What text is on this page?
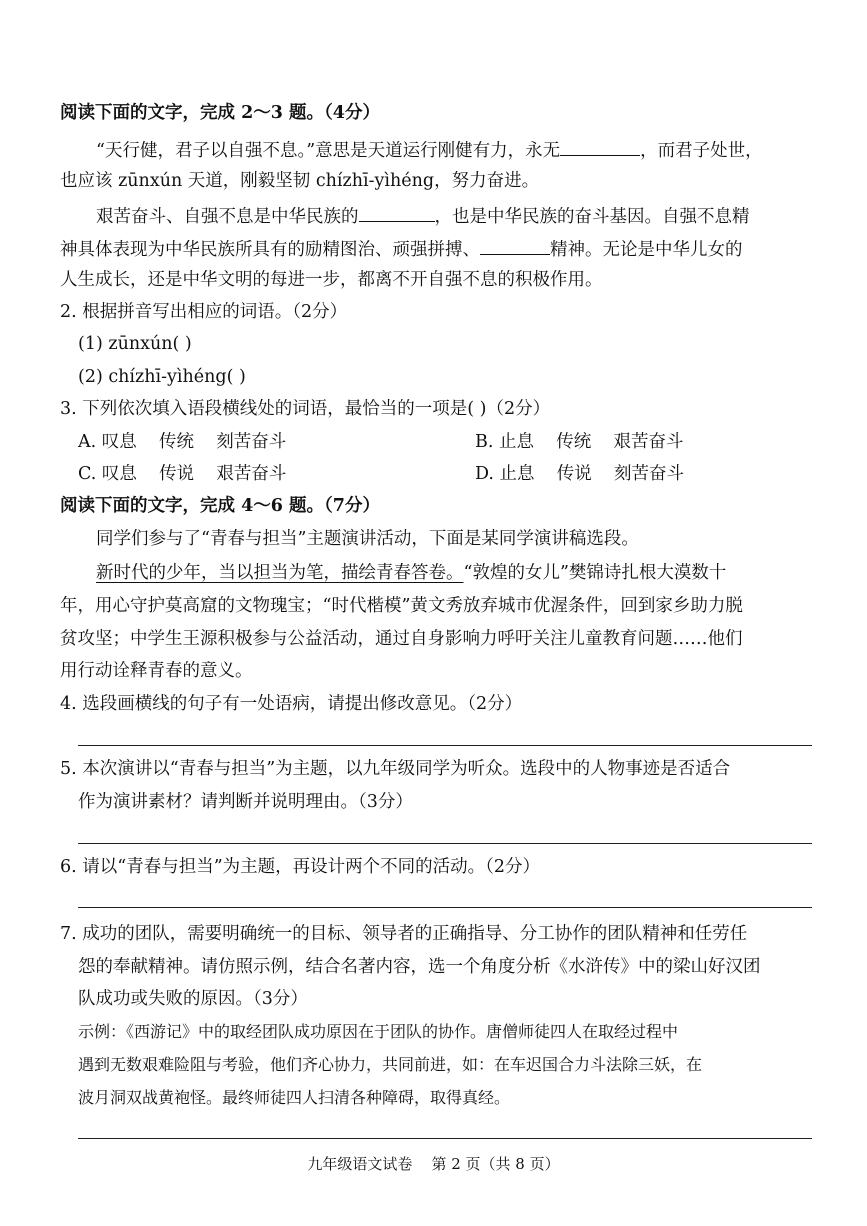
阅读下面的文字，完成 2～3 题。（4分）
“天行健，君子以自强不息。”意思是天道运行刚健有力，永无	，而君子处世，
也应该 zūnxún 天道，刚毅坚韧 chízhī-yìhéng，努力奋进。
艰苦奋斗、自强不息是中华民族的	，也是中华民族的奋斗基因。自强不息精
神具体表现为中华民族所具有的励精图治、顽强拼搏、	精神。无论是中华儿女的
人生成长，还是中华文明的每进一步，都离不开自强不息的积极作用。
2. 根据拼音写出相应的词语。（2分）
(1) zūnxún( )
(2) chízhī-yìhéng( )
3. 下列依次填入语段横线处的词语，最恰当的一项是( )（2分）
A. 叹息    传统    刻苦奋斗	B. 止息    传统    艰苦奋斗
C. 叹息    传说    艰苦奋斗	D. 止息    传说    刻苦奋斗
阅读下面的文字，完成 4～6 题。（7分）
同学们参与了“青春与担当”主题演讲活动，下面是某同学演讲稿选段。
新时代的少年，当以担当为笔，描绘青春答卷。“敦煌的女儿”樊锦诗扎根大漠数十
年，用心守护莫高窟的文物瑰宝；“时代楷模”黄文秀放弃城市优渥条件，回到家乡助力脱
贫攻坚；中学生王源积极参与公益活动，通过自身影响力呼吁关注儿童教育问题……他们
用行动诠释青春的意义。
4. 选段画横线的句子有一处语病，请提出修改意见。（2分）
5. 本次演讲以“青春与担当”为主题，以九年级同学为听众。选段中的人物事迹是否适合
作为演讲素材？请判断并说明理由。（3分）
6. 请以“青春与担当”为主题，再设计两个不同的活动。（2分）
7. 成功的团队，需要明确统一的目标、领导者的正确指导、分工协作的团队精神和任劳任
怨的奉献精神。请仿照示例，结合名著内容，选一个角度分析《水浒传》中的梁山好汉团
队成功或失败的原因。（3分）
示例：《西游记》中的取经团队成功原因在于团队的协作。唐僧师徒四人在取经过程中
遇到无数艰难险阻与考验，他们齐心协力，共同前进，如：在车迟国合力斗法除三妖，在
波月洞双战黄袍怪。最终师徒四人扫清各种障碍，取得真经。
九年级语文试卷    第 2 页（共 8 页）
